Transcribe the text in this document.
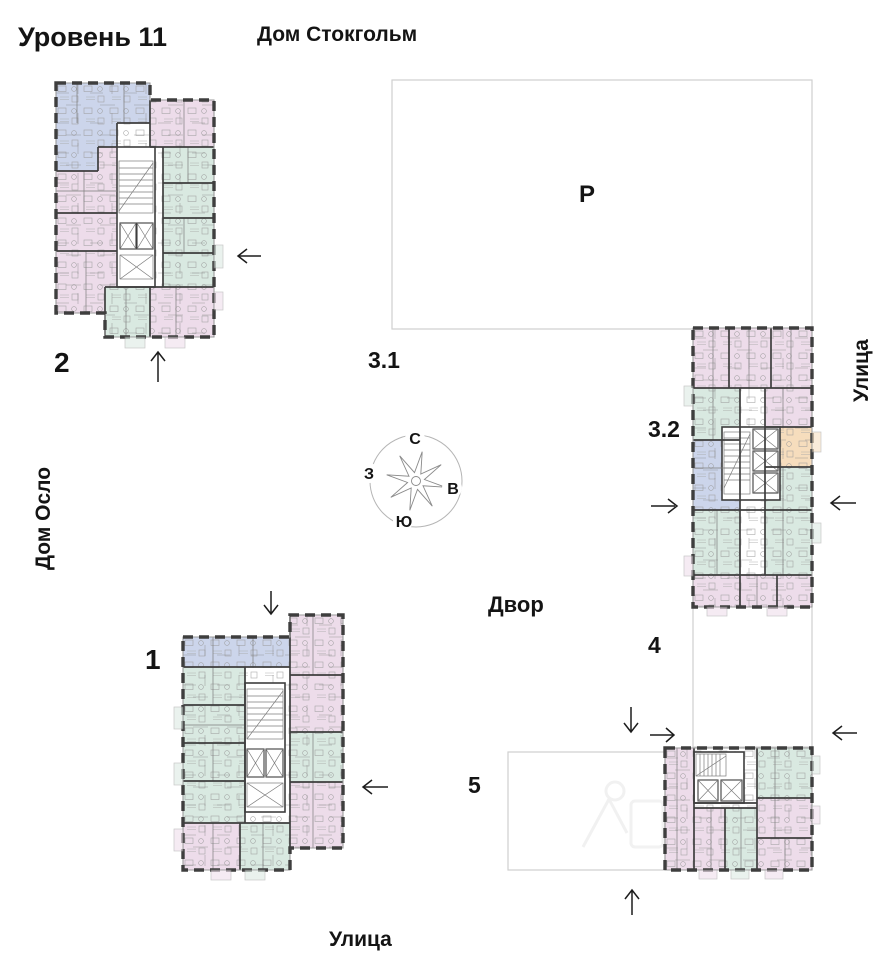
С
З
В
Ю
Уровень 11	Дом Стокгольм
Дом Осло
Улица
Улица
Двор
Р
2	3.1
3.2
4
5
1
